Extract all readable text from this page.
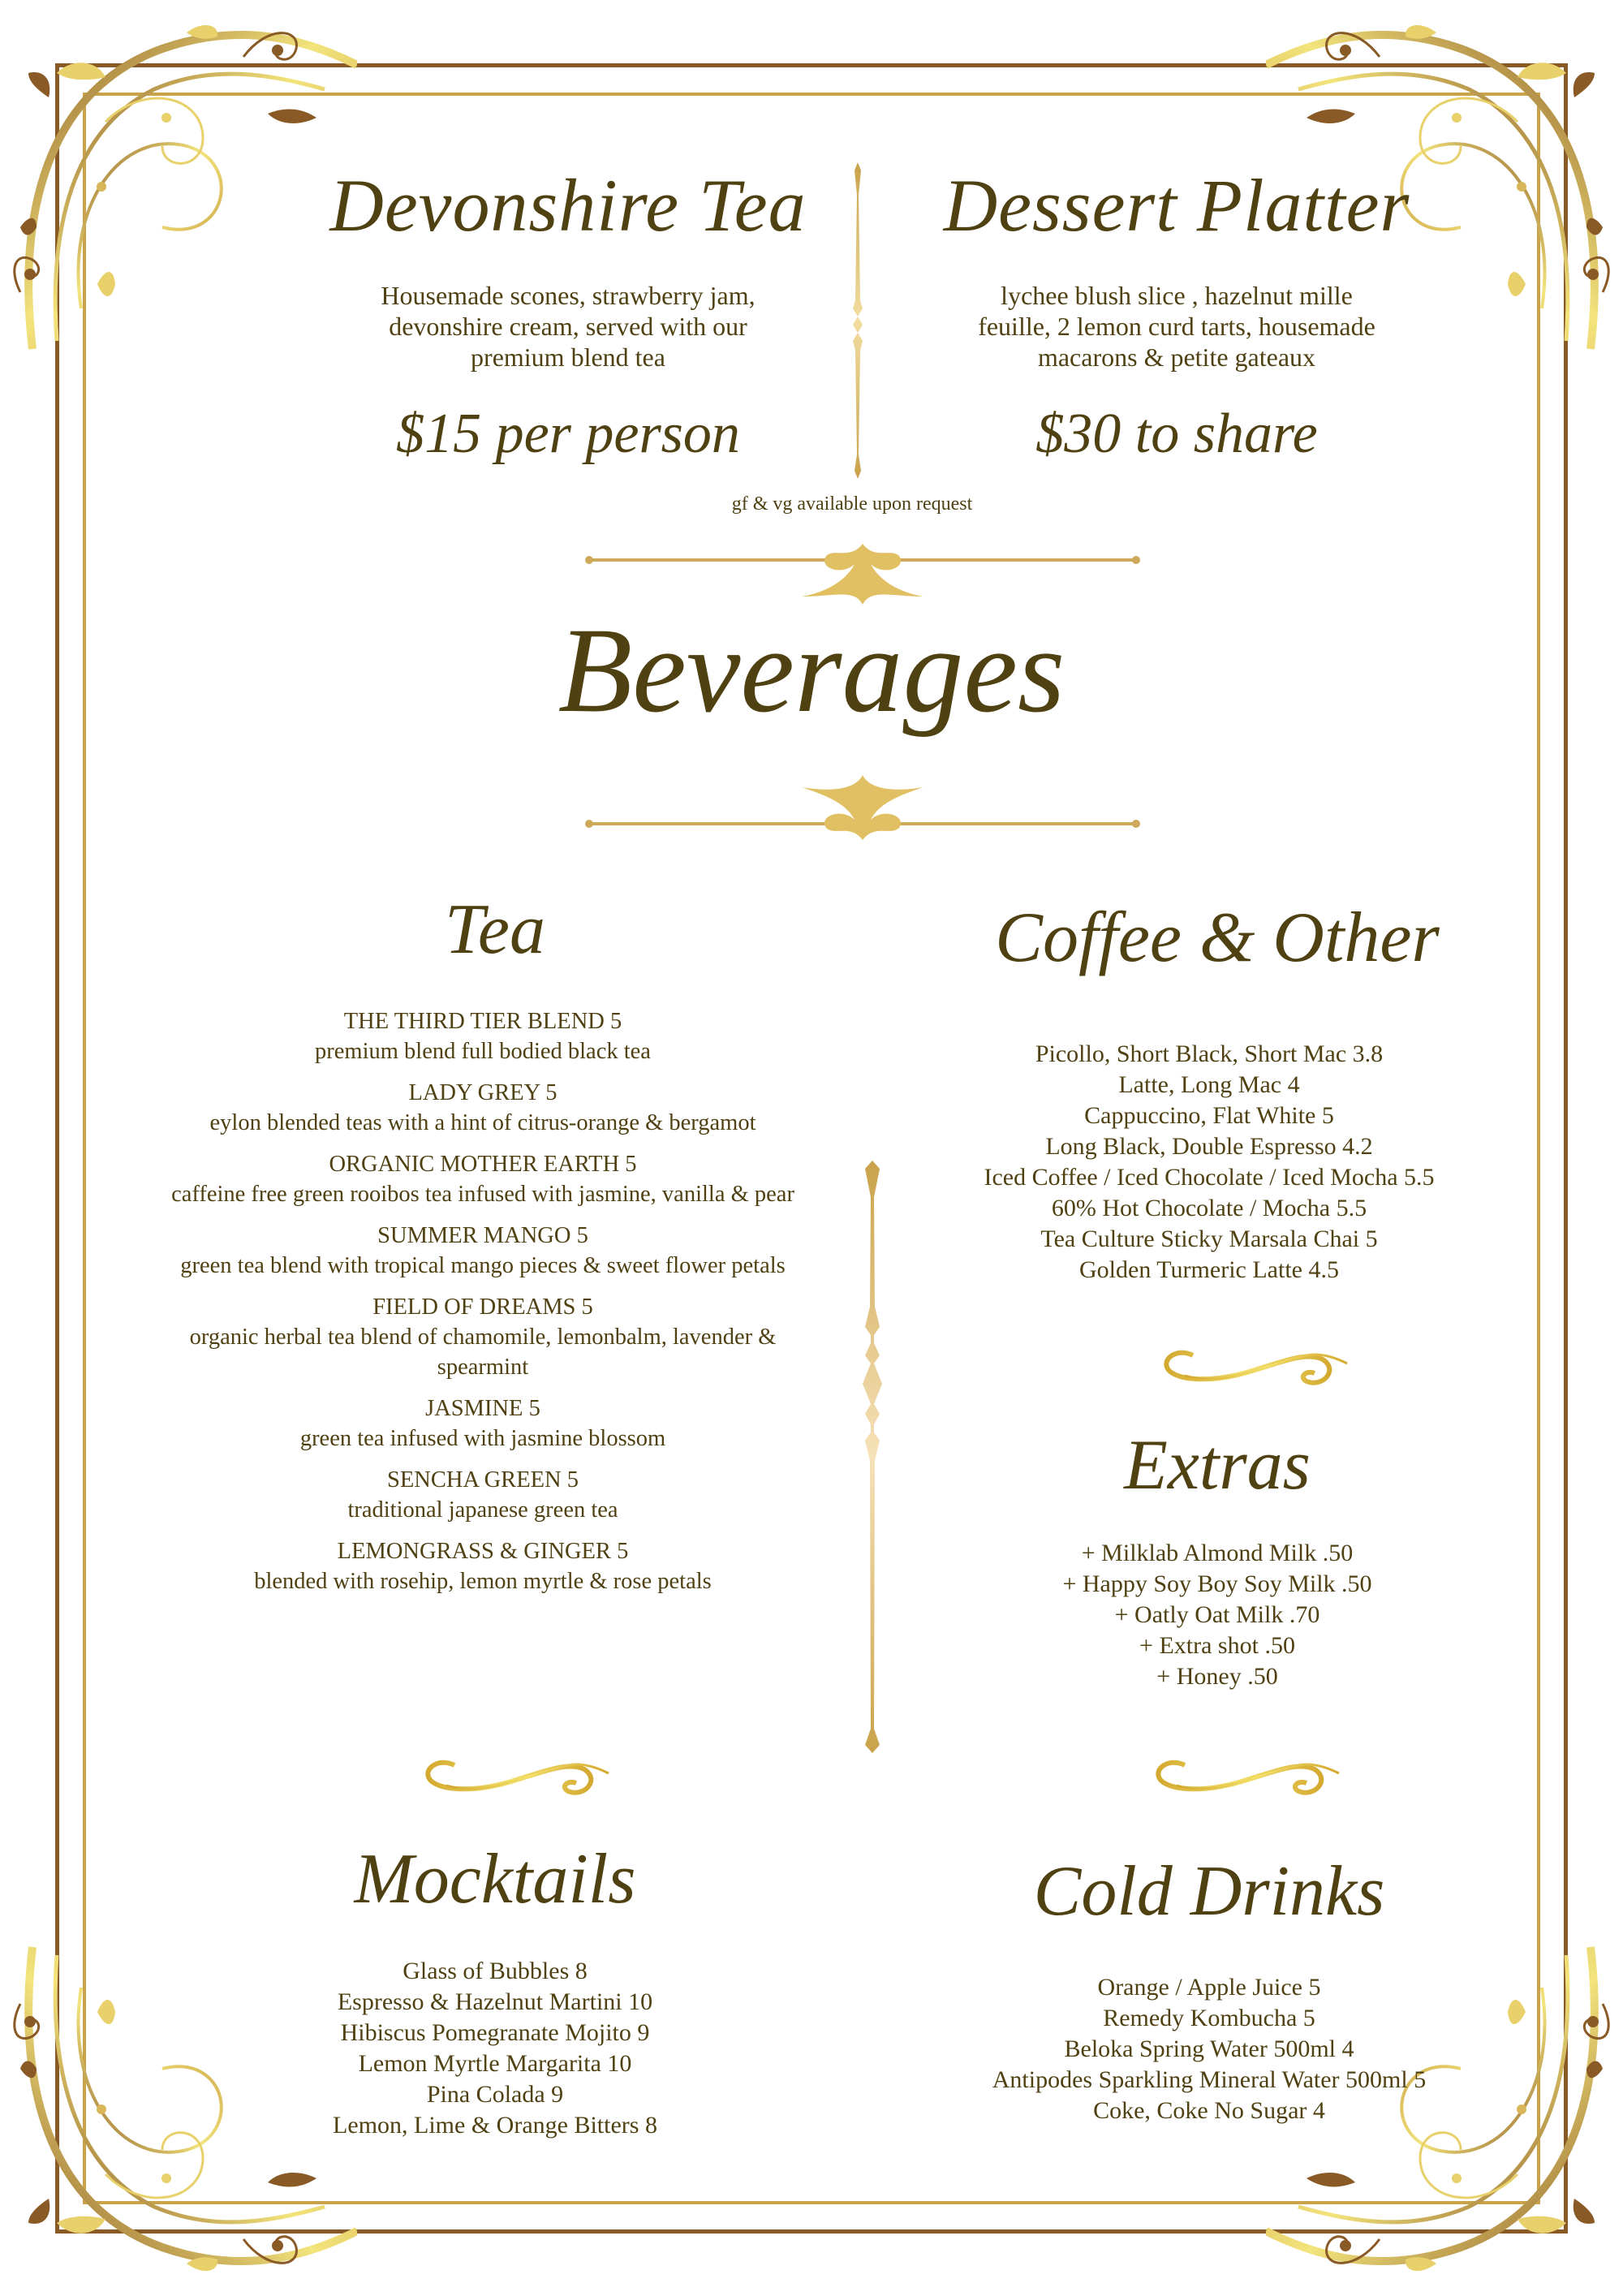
Devonshire Tea
Housemade scones, strawberry jam,
devonshire cream, served with our
premium blend tea
$15 per person
Dessert Platter
lychee blush slice , hazelnut mille
feuille, 2 lemon curd tarts, housemade
macarons & petite gateaux
$30 to share
gf & vg available upon request
Beverages
Tea
THE THIRD TIER BLEND 5
premium blend full bodied black tea
LADY GREY 5
eylon blended teas with a hint of citrus-orange & bergamot
ORGANIC MOTHER EARTH 5
caffeine free green rooibos tea infused with jasmine, vanilla & pear
SUMMER MANGO 5
green tea blend with tropical mango pieces & sweet flower petals
FIELD OF DREAMS 5
organic herbal tea blend of chamomile, lemonbalm, lavender & spearmint
JASMINE 5
green tea infused with jasmine blossom
SENCHA GREEN 5
traditional japanese green tea
LEMONGRASS & GINGER 5
blended with rosehip, lemon myrtle & rose petals
Coffee & Other
Picollo, Short Black, Short Mac 3.8
Latte, Long Mac 4
Cappuccino, Flat White 5
Long Black, Double Espresso 4.2
Iced Coffee / Iced Chocolate / Iced Mocha 5.5
60% Hot Chocolate / Mocha 5.5
Tea Culture Sticky Marsala Chai 5
Golden Turmeric Latte 4.5
Extras
+ Milklab Almond Milk .50
+ Happy Soy Boy Soy Milk .50
+ Oatly Oat Milk .70
+ Extra shot .50
+ Honey .50
Mocktails
Glass of Bubbles 8
Espresso & Hazelnut Martini 10
Hibiscus Pomegranate Mojito 9
Lemon Myrtle Margarita 10
Pina Colada 9
Lemon, Lime & Orange Bitters 8
Cold Drinks
Orange / Apple Juice 5
Remedy Kombucha 5
Beloka Spring Water 500ml 4
Antipodes Sparkling Mineral Water 500ml 5
Coke, Coke No Sugar 4
